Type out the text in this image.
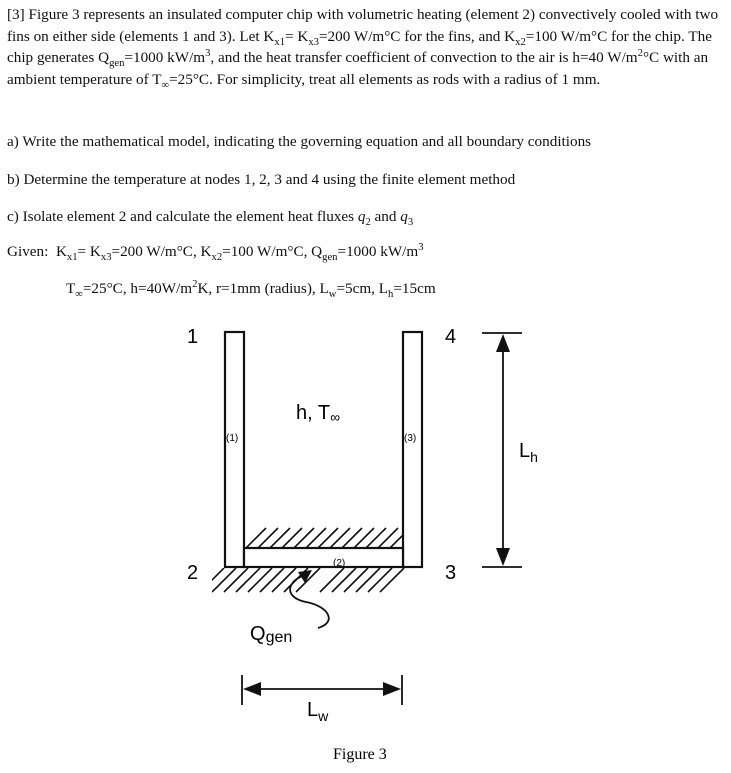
[3] Figure 3 represents an insulated computer chip with volumetric heating (element 2) convectively cooled with two fins on either side (elements 1 and 3). Let $K_{x1}= K_{x3}=200$ W/m°C for the fins, and $K_{x2}=100$ W/m°C for the chip. The chip generates $Q_{gen}=1000$ $kW/m^3$, and the heat transfer coefficient of convection to the air is h=40 $W/m^2^\circ C$ with an ambient temperature of $T_\infty=25^\circ C$. For simplicity, treat all elements as rods with a radius of 1 mm.

a) Write the mathematical model, indicating the governing equation and all boundary conditions

b) Determine the temperature at nodes 1, 2, 3 and 4 using the finite element method

c) Isolate element 2 and calculate the element heat fluxes $q_2$ and $q_3$

Given: $K_{x1}= K_{x3}=200$ W/m°C, $K_{x2}=100$ W/m°C, $Q_{gen}=1000$ $kW/m^3$

$T_\infty=25^\circ C$, $h=40W/m^2K$, r=1mm (radius), $L_w=5cm$, $L_h=15cm$

1
2	3
4
(1)	(3)
(2)
h, T∞
Qgen
$L_h$
$L_w$
Figure 3
